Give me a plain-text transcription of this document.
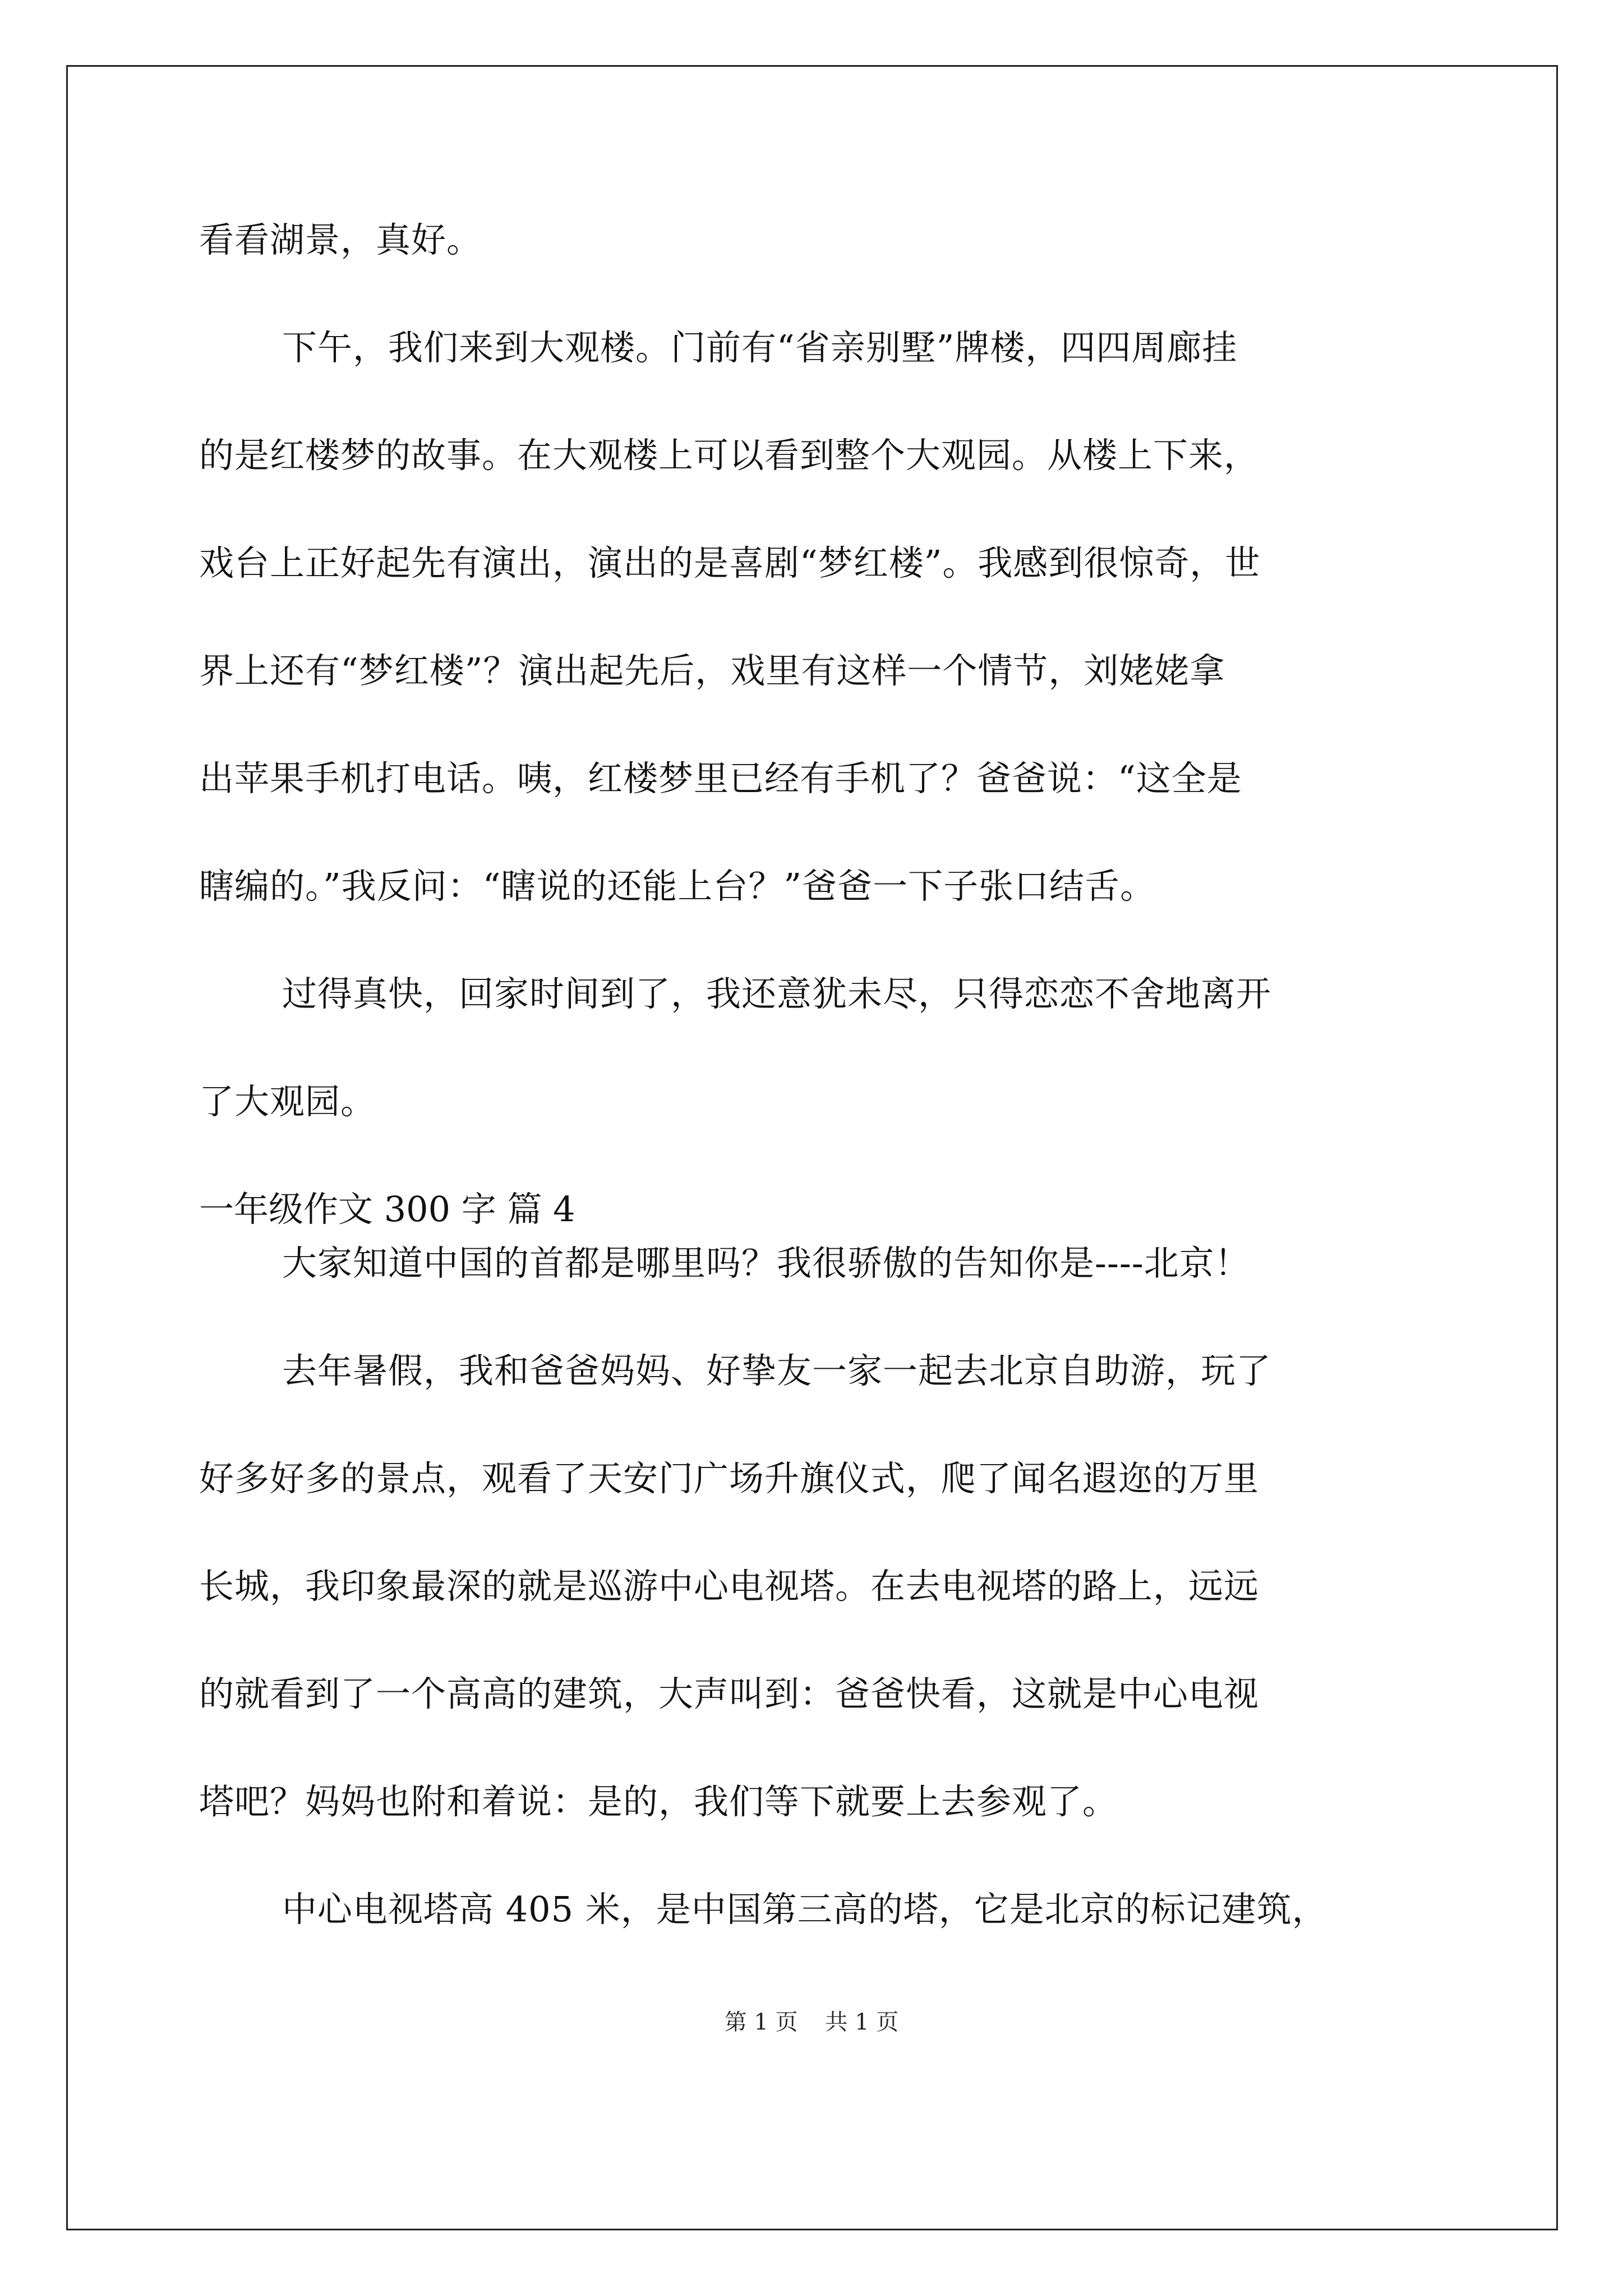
看看湖景，真好。

下午，我们来到大观楼。门前有“省亲别墅”牌楼，四四周廊挂

的是红楼梦的故事。在大观楼上可以看到整个大观园。从楼上下来，

戏台上正好起先有演出，演出的是喜剧“梦红楼”。我感到很惊奇，世

界上还有“梦红楼”？演出起先后，戏里有这样一个情节，刘姥姥拿

出苹果手机打电话。咦，红楼梦里已经有手机了？爸爸说：“这全是

瞎编的。”我反问：“瞎说的还能上台？”爸爸一下子张口结舌。

过得真快，回家时间到了，我还意犹未尽，只得恋恋不舍地离开

了大观园。

一年级作文 300 字 篇 4

大家知道中国的首都是哪里吗？我很骄傲的告知你是----北京！

去年暑假，我和爸爸妈妈、好挚友一家一起去北京自助游，玩了

好多好多的景点，观看了天安门广场升旗仪式，爬了闻名遐迩的万里

长城，我印象最深的就是巡游中心电视塔。在去电视塔的路上，远远

的就看到了一个高高的建筑，大声叫到：爸爸快看，这就是中心电视

塔吧？妈妈也附和着说：是的，我们等下就要上去参观了。

中心电视塔高 405 米，是中国第三高的塔，它是北京的标记建筑，

第 1 页 共 1 页
